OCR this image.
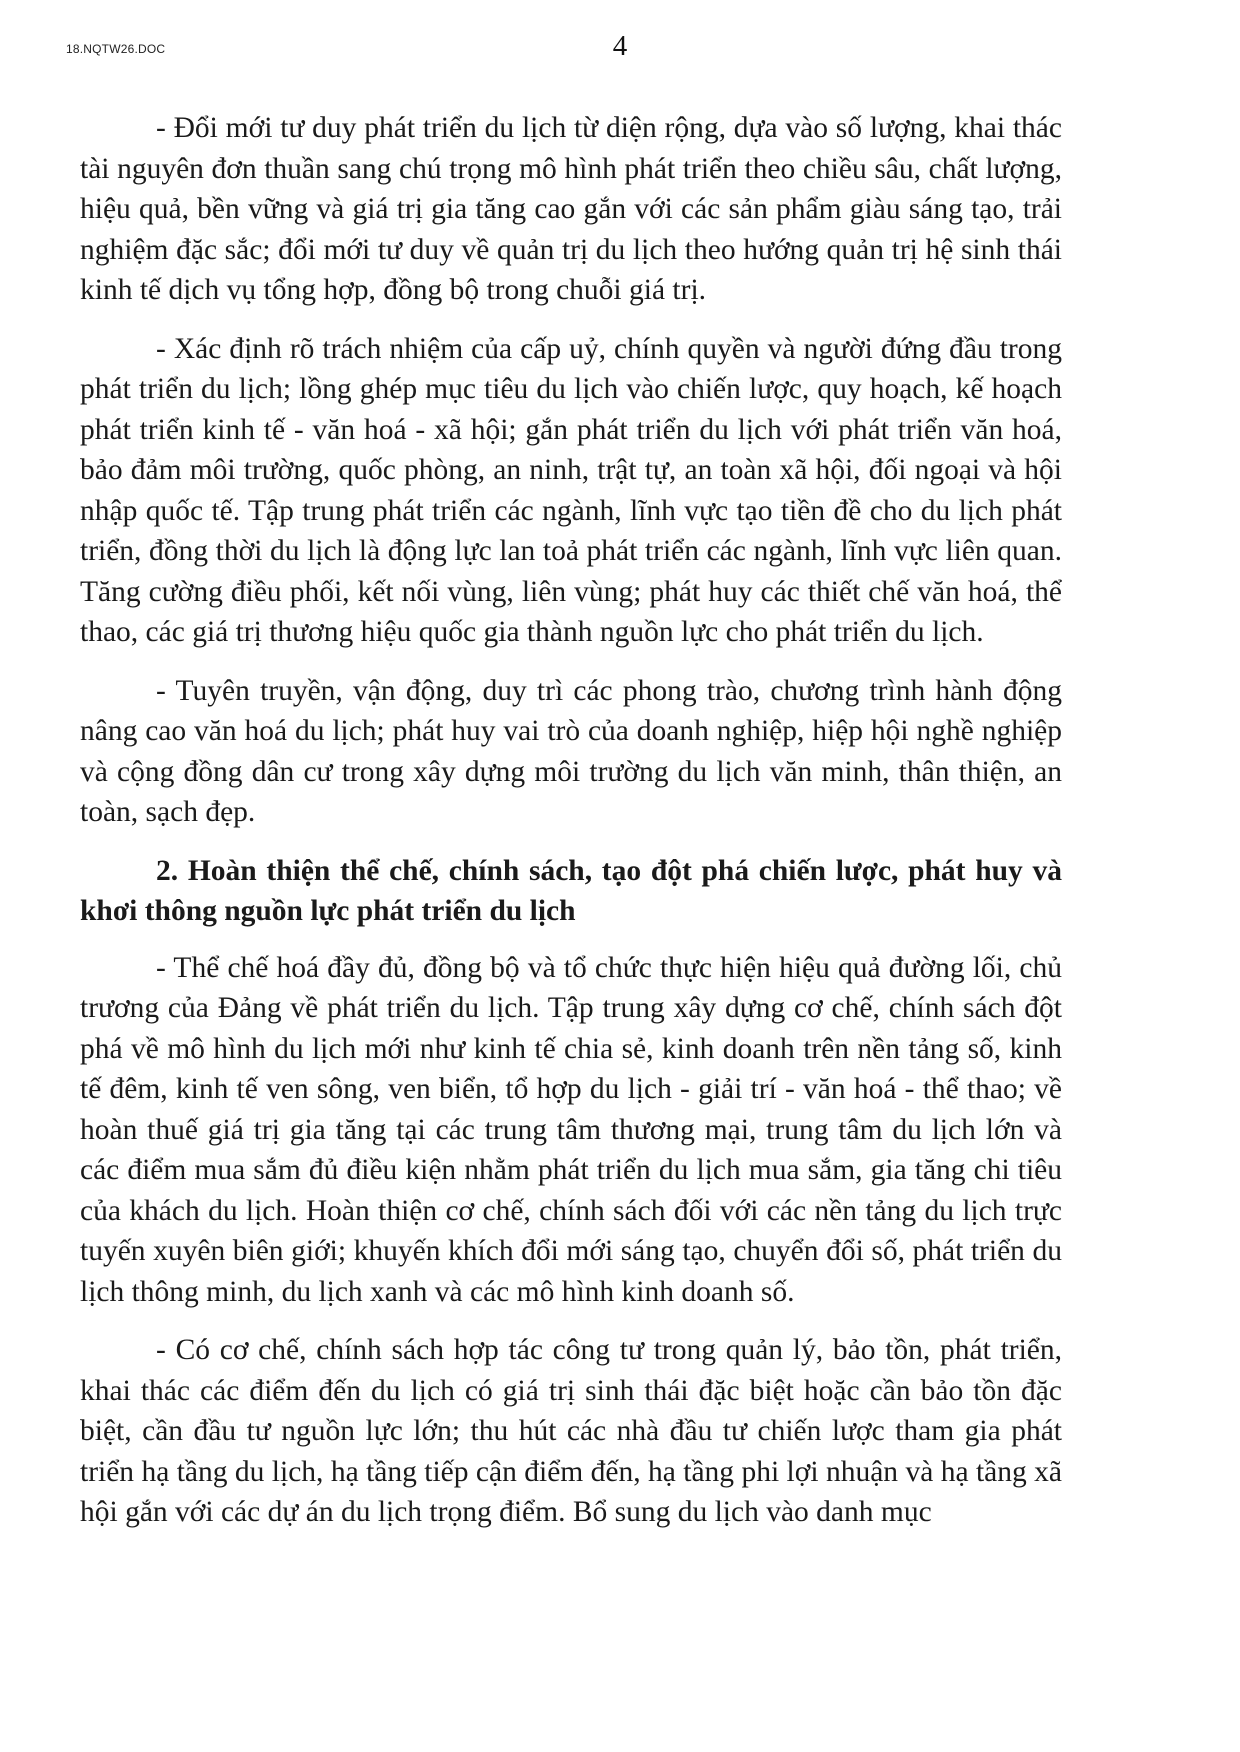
18.NQTW26.DOC	4

- Đổi mới tư duy phát triển du lịch từ diện rộng, dựa vào số lượng, khai thác tài nguyên đơn thuần sang chú trọng mô hình phát triển theo chiều sâu, chất lượng, hiệu quả, bền vững và giá trị gia tăng cao gắn với các sản phẩm giàu sáng tạo, trải nghiệm đặc sắc; đổi mới tư duy về quản trị du lịch theo hướng quản trị hệ sinh thái kinh tế dịch vụ tổng hợp, đồng bộ trong chuỗi giá trị.

- Xác định rõ trách nhiệm của cấp uỷ, chính quyền và người đứng đầu trong phát triển du lịch; lồng ghép mục tiêu du lịch vào chiến lược, quy hoạch, kế hoạch phát triển kinh tế - văn hoá - xã hội; gắn phát triển du lịch với phát triển văn hoá, bảo đảm môi trường, quốc phòng, an ninh, trật tự, an toàn xã hội, đối ngoại và hội nhập quốc tế. Tập trung phát triển các ngành, lĩnh vực tạo tiền đề cho du lịch phát triển, đồng thời du lịch là động lực lan toả phát triển các ngành, lĩnh vực liên quan. Tăng cường điều phối, kết nối vùng, liên vùng; phát huy các thiết chế văn hoá, thể thao, các giá trị thương hiệu quốc gia thành nguồn lực cho phát triển du lịch.

- Tuyên truyền, vận động, duy trì các phong trào, chương trình hành động nâng cao văn hoá du lịch; phát huy vai trò của doanh nghiệp, hiệp hội nghề nghiệp và cộng đồng dân cư trong xây dựng môi trường du lịch văn minh, thân thiện, an toàn, sạch đẹp.

2. Hoàn thiện thể chế, chính sách, tạo đột phá chiến lược, phát huy và khơi thông nguồn lực phát triển du lịch

- Thể chế hoá đầy đủ, đồng bộ và tổ chức thực hiện hiệu quả đường lối, chủ trương của Đảng về phát triển du lịch. Tập trung xây dựng cơ chế, chính sách đột phá về mô hình du lịch mới như kinh tế chia sẻ, kinh doanh trên nền tảng số, kinh tế đêm, kinh tế ven sông, ven biển, tổ hợp du lịch - giải trí - văn hoá - thể thao; về hoàn thuế giá trị gia tăng tại các trung tâm thương mại, trung tâm du lịch lớn và các điểm mua sắm đủ điều kiện nhằm phát triển du lịch mua sắm, gia tăng chi tiêu của khách du lịch. Hoàn thiện cơ chế, chính sách đối với các nền tảng du lịch trực tuyến xuyên biên giới; khuyến khích đổi mới sáng tạo, chuyển đổi số, phát triển du lịch thông minh, du lịch xanh và các mô hình kinh doanh số.

- Có cơ chế, chính sách hợp tác công tư trong quản lý, bảo tồn, phát triển, khai thác các điểm đến du lịch có giá trị sinh thái đặc biệt hoặc cần bảo tồn đặc biệt, cần đầu tư nguồn lực lớn; thu hút các nhà đầu tư chiến lược tham gia phát triển hạ tầng du lịch, hạ tầng tiếp cận điểm đến, hạ tầng phi lợi nhuận và hạ tầng xã hội gắn với các dự án du lịch trọng điểm. Bổ sung du lịch vào danh mục
